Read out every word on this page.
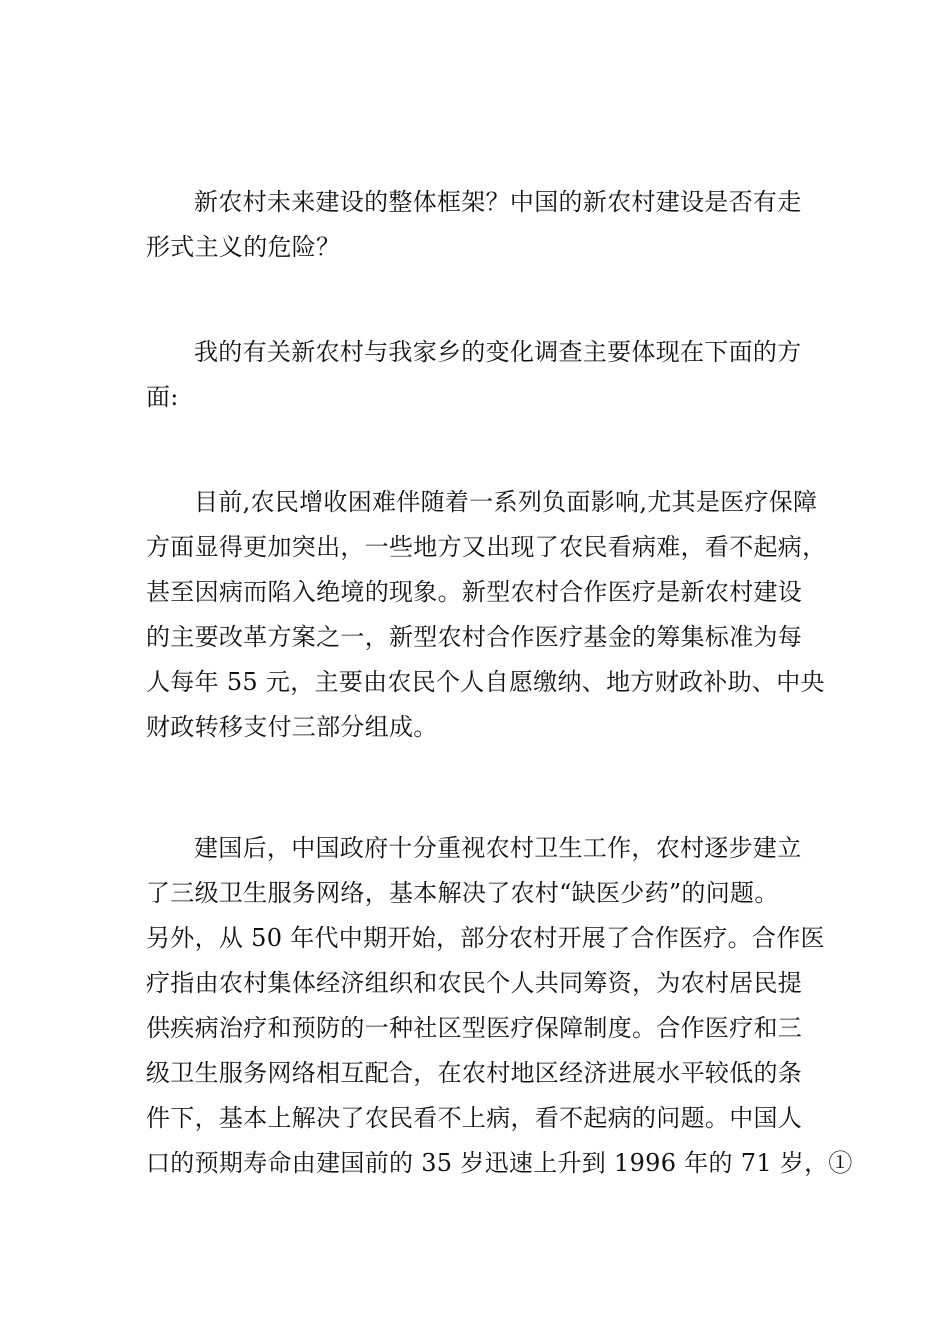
新农村未来建设的整体框架？中国的新农村建设是否有走
形式主义的危险？
我的有关新农村与我家乡的变化调查主要体现在下面的方
面:
目前,农民增收困难伴随着一系列负面影响,尤其是医疗保障
方面显得更加突出，一些地方又出现了农民看病难，看不起病，
甚至因病而陷入绝境的现象。新型农村合作医疗是新农村建设
的主要改革方案之一，新型农村合作医疗基金的筹集标准为每
人每年 55 元，主要由农民个人自愿缴纳、地方财政补助、中央
财政转移支付三部分组成。
建国后，中国政府十分重视农村卫生工作，农村逐步建立
了三级卫生服务网络，基本解决了农村“缺医少药”的问题。
另外，从 50 年代中期开始，部分农村开展了合作医疗。合作医
疗指由农村集体经济组织和农民个人共同筹资，为农村居民提
供疾病治疗和预防的一种社区型医疗保障制度。合作医疗和三
级卫生服务网络相互配合，在农村地区经济进展水平较低的条
件下，基本上解决了农民看不上病，看不起病的问题。中国人
口的预期寿命由建国前的 35 岁迅速上升到 1996 年的 71 岁，①
